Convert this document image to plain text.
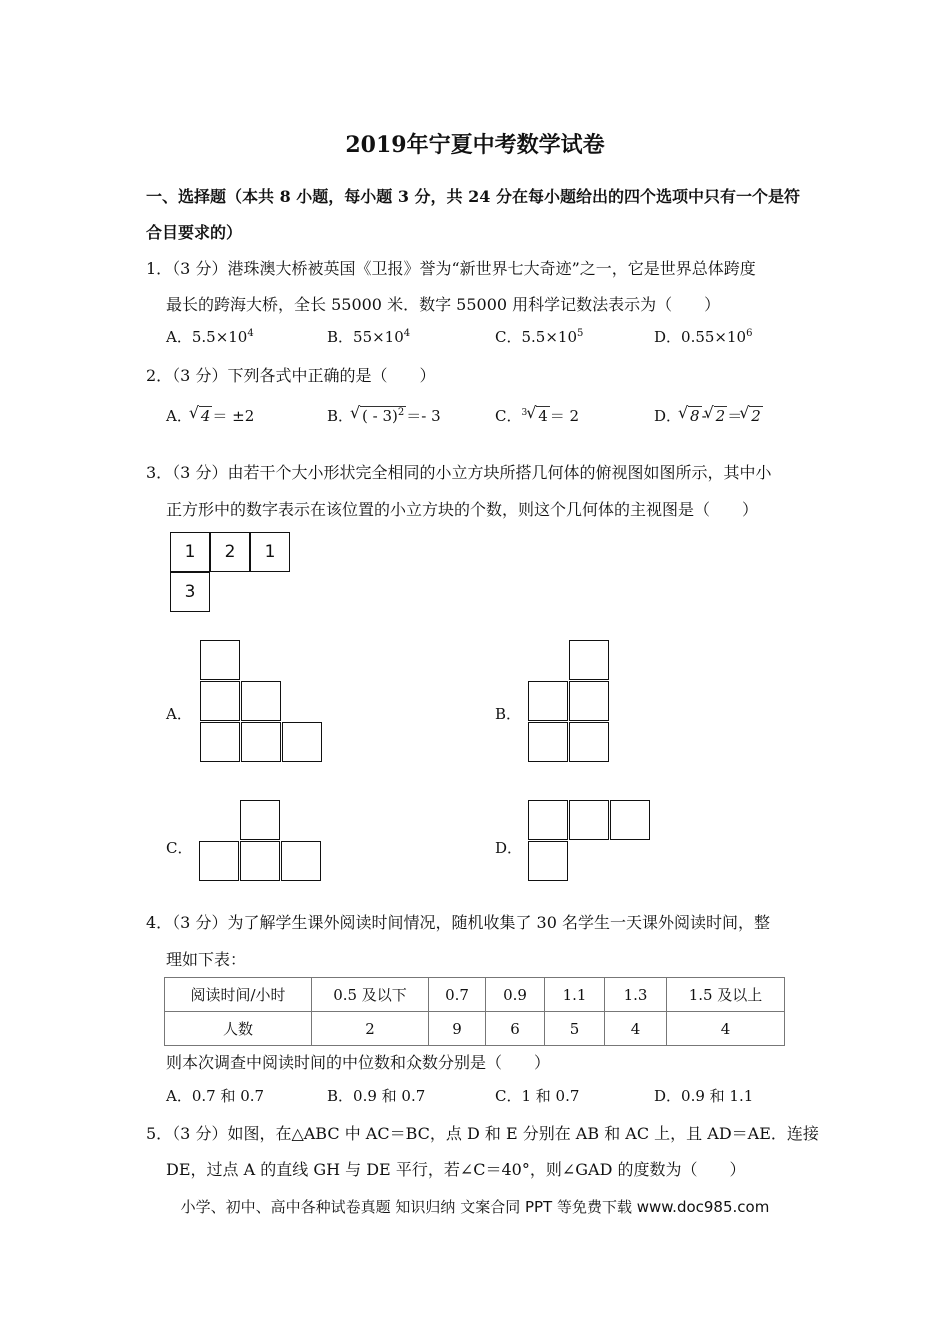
2019年宁夏中考数学试卷
一、选择题（本共 8 小题，每小题 3 分，共 24 分在每小题给出的四个选项中只有一个是符
合目要求的）
1．（3 分）港珠澳大桥被英国《卫报》誉为“新世界七大奇迹”之一，它是世界总体跨度
最长的跨海大桥，全长 55000 米．数字 55000 用科学记数法表示为（　　）
A．$5.5\times 10^4$	B．$55\times 10^4$	C．$5.5\times 10^5$	D．$0.55\times 10^6$
2．（3 分）下列各式中正确的是（　　）
A． √ 4 ＝ ±2	B． √ ( - 3)$^2$ ＝- 3	C．$^3$ √ 4 ＝ 2	D． √ 8 - √ 2 ＝ √ 2
3．（3 分）由若干个大小形状完全相同的小立方块所搭几何体的俯视图如图所示，其中小
正方形中的数字表示在该位置的小立方块的个数，则这个几何体的主视图是（　　）
1	2	1
3
A．	B．
C．	D．
4．（3 分）为了解学生课外阅读时间情况，随机收集了 30 名学生一天课外阅读时间，整
理如下表：
阅读时间/小时	0.5 及以下	0.7	0.9	1.1	1.3	1.5 及以上
人数	2	9	6	5	4	4
则本次调查中阅读时间的中位数和众数分别是（　　）
A．0.7 和 0.7	B．0.9 和 0.7	C．1 和 0.7	D．0.9 和 1.1
5．（3 分）如图，在△ABC 中 AC＝BC，点 D 和 E 分别在 AB 和 AC 上，且 AD＝AE．连接
DE，过点 A 的直线 GH 与 DE 平行，若∠C＝40°，则∠GAD 的度数为（　　）
小学、初中、高中各种试卷真题 知识归纳 文案合同 PPT 等免费下载 www.doc985.com
